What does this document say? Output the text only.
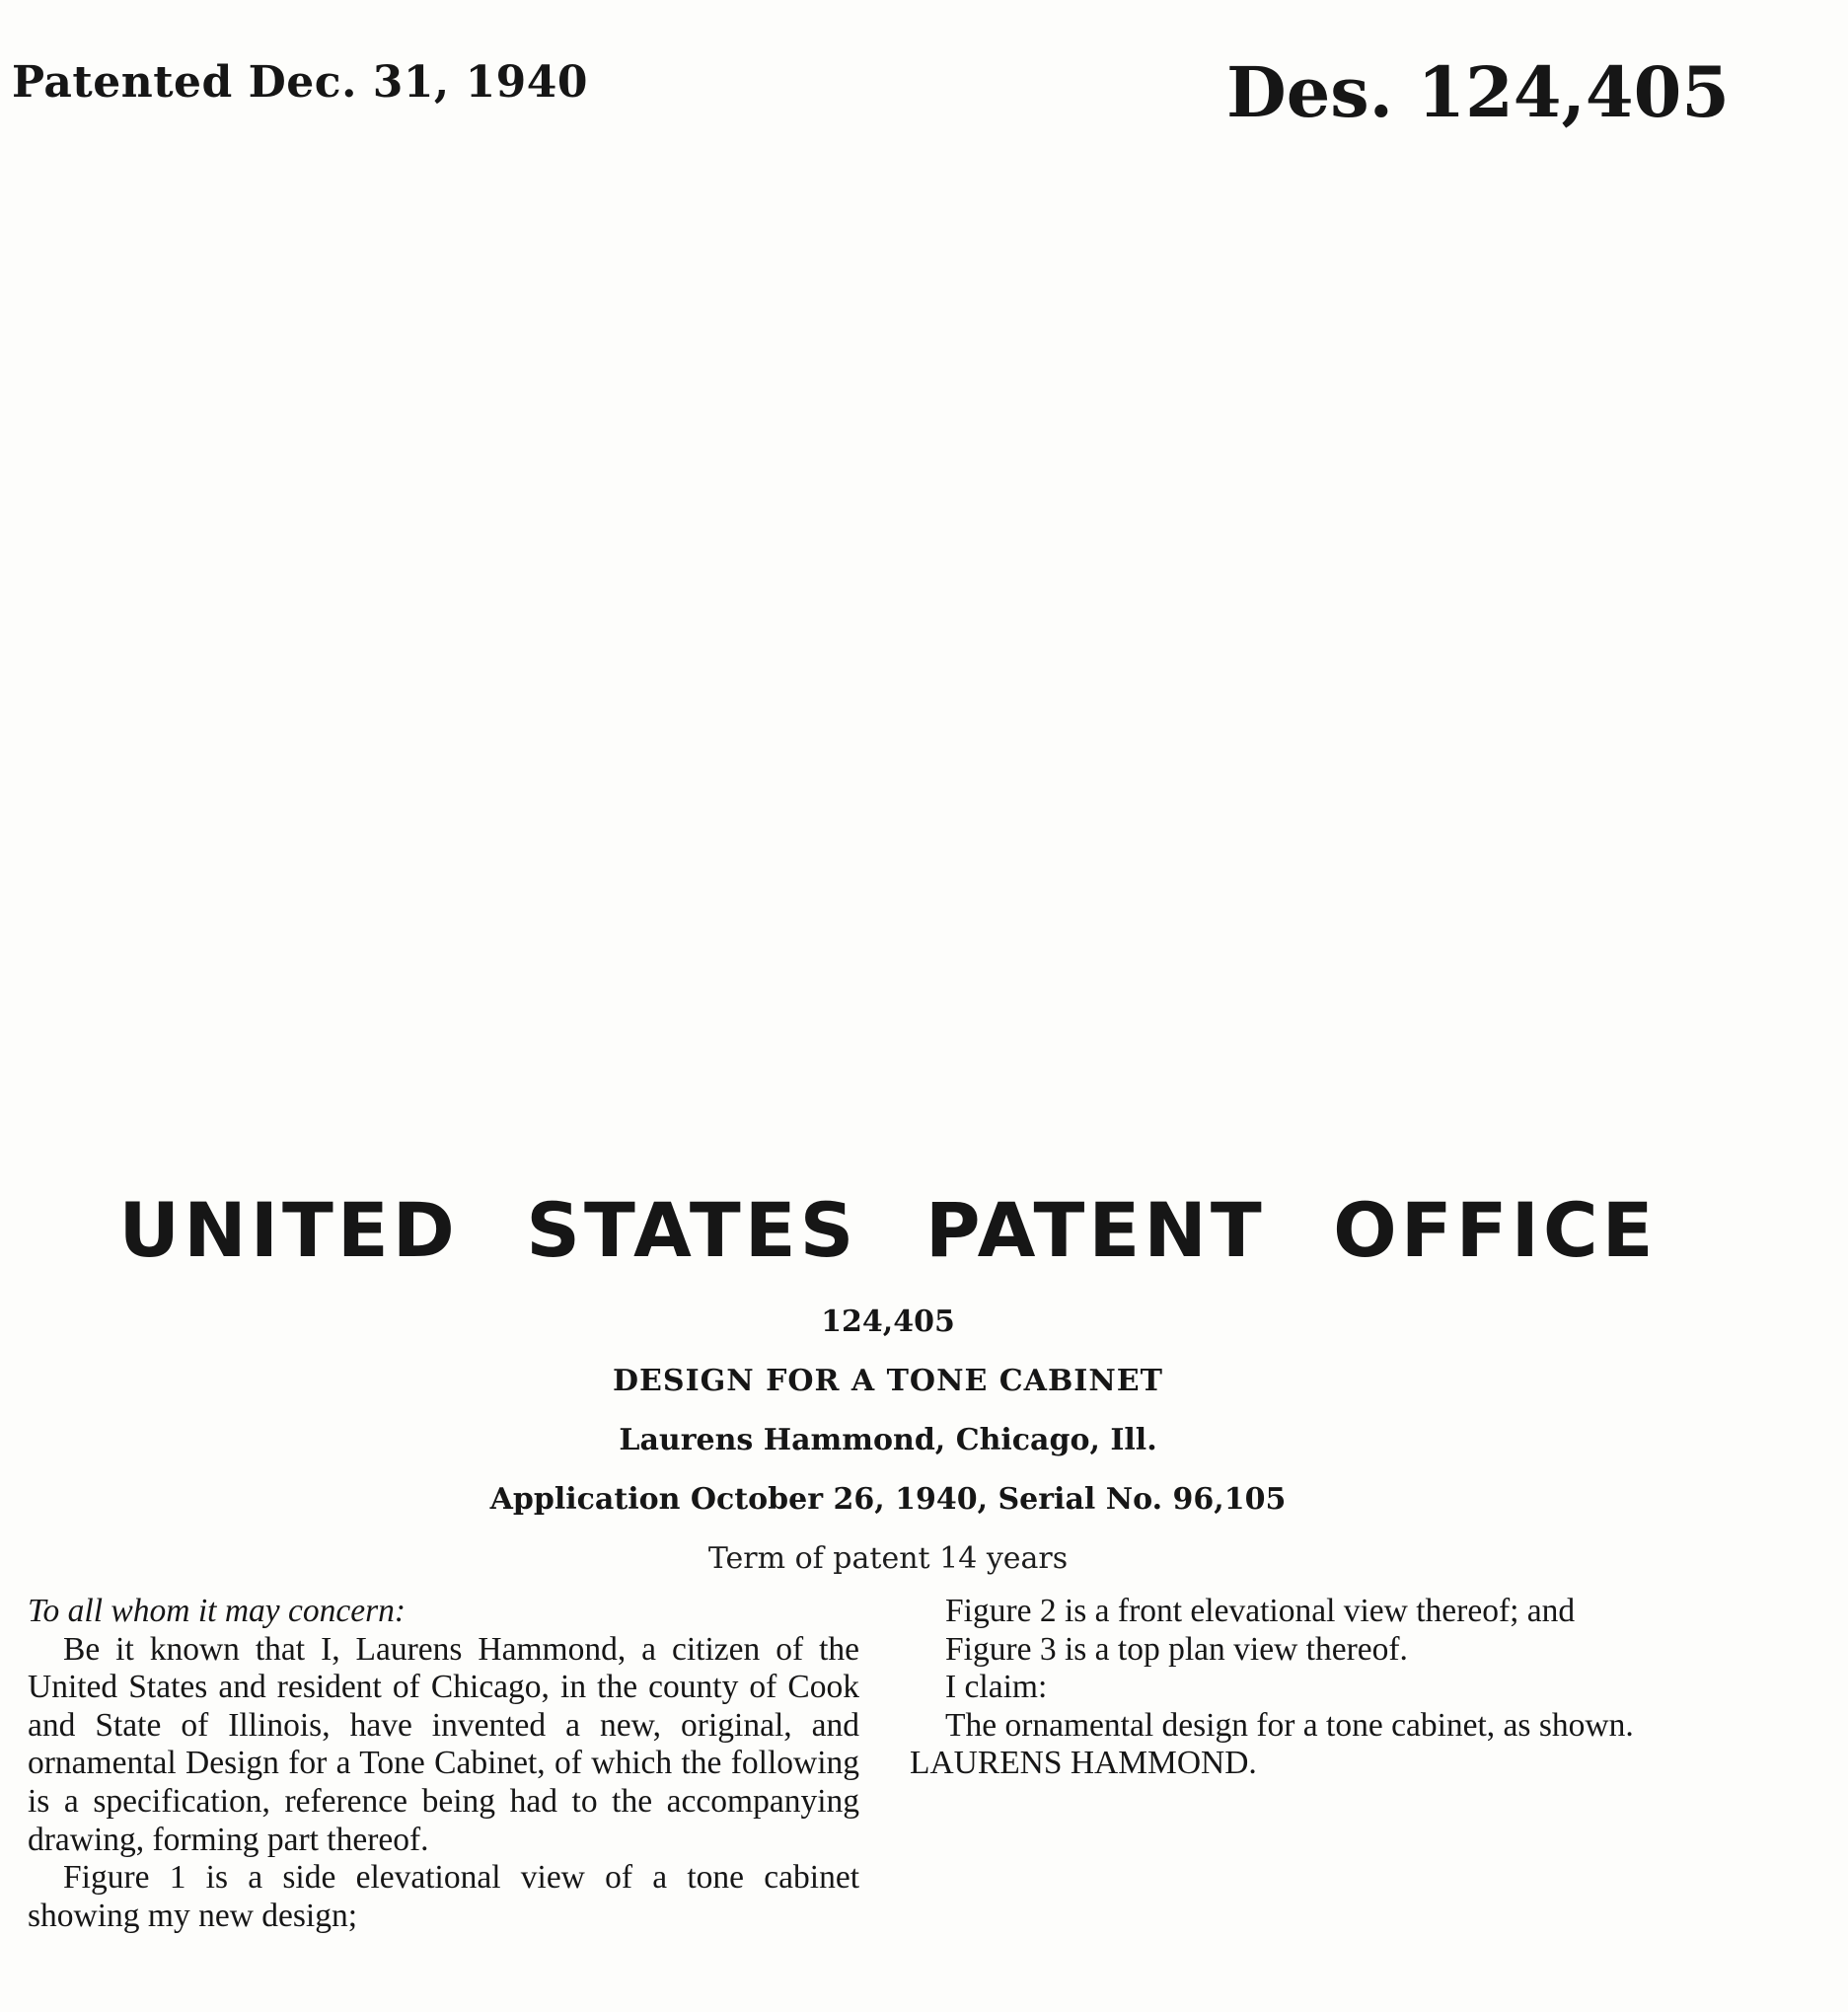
Patented Dec. 31, 1940	Des. 124,405
UNITED STATES PATENT OFFICE
124,405
DESIGN FOR A TONE CABINET
Laurens Hammond, Chicago, Ill.
Application October 26, 1940, Serial No. 96,105
Term of patent 14 years

To all whom it may concern:

Be it known that I, Laurens Hammond, a citizen of the United States and resident of Chicago, in the county of Cook and State of Illinois, have invented a new, original, and ornamental Design for a Tone Cabinet, of which the following is a specification, reference being had to the accompanying drawing, forming part thereof.

Figure 1 is a side elevational view of a tone cabinet showing my new design;

Figure 2 is a front elevational view thereof; and

Figure 3 is a top plan view thereof.

I claim:

The ornamental design for a tone cabinet, as shown.

LAURENS HAMMOND.
